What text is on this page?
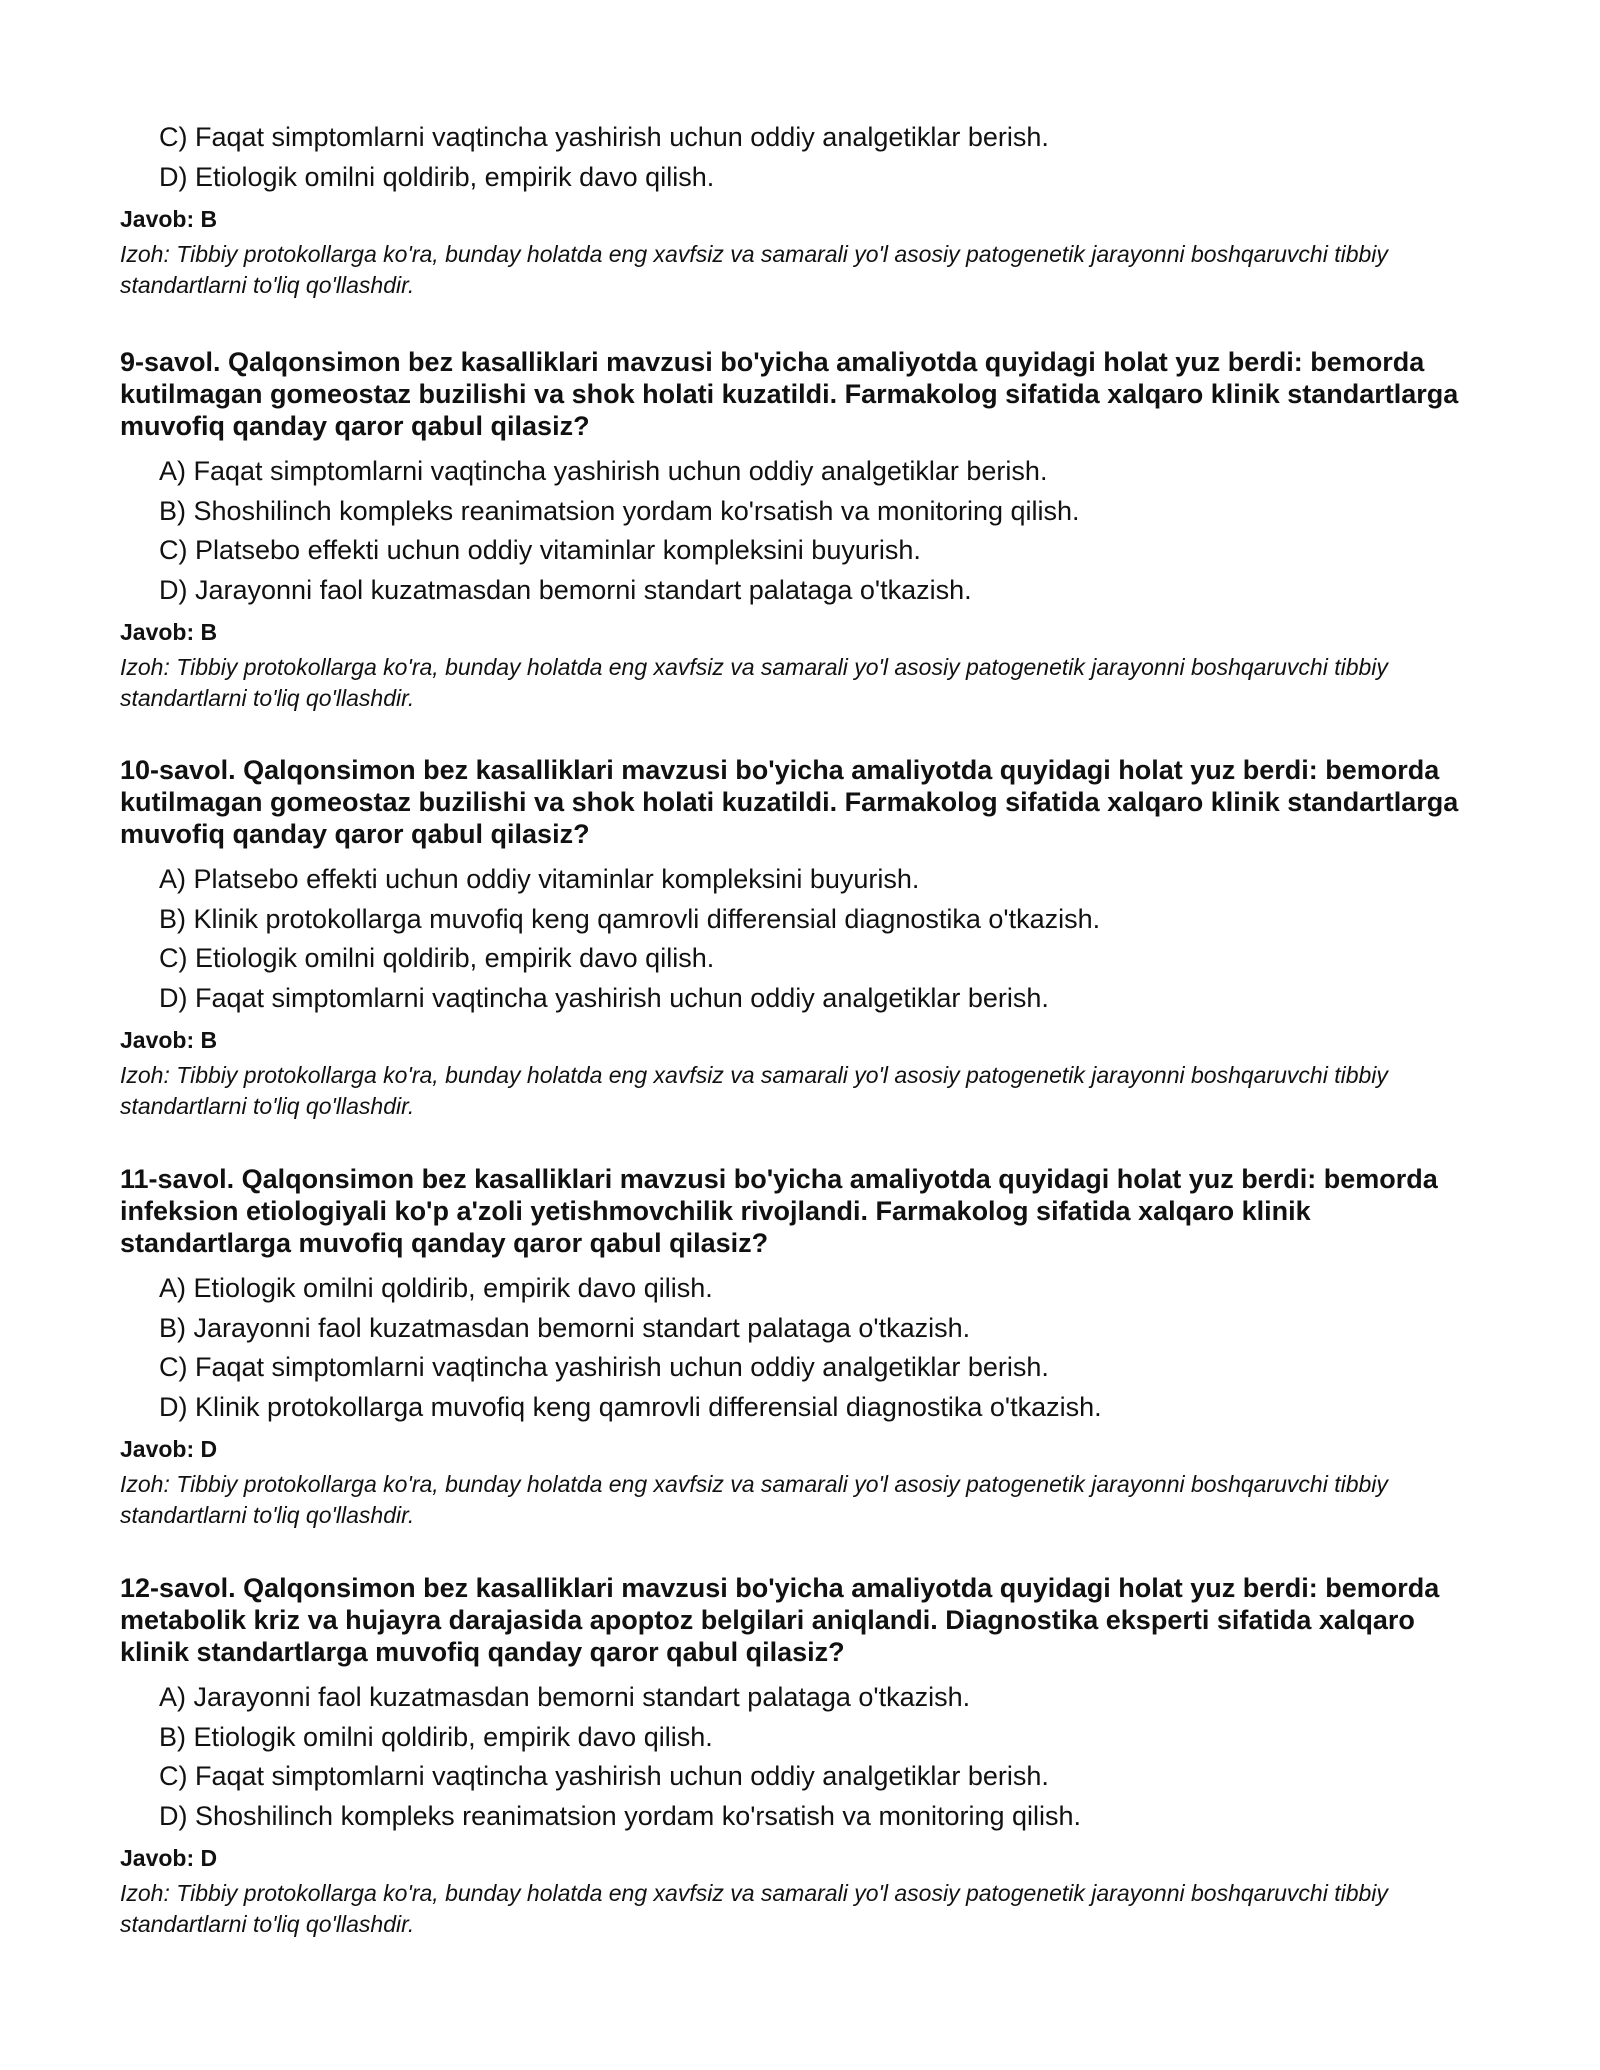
C) Faqat simptomlarni vaqtincha yashirish uchun oddiy analgetiklar berish.
D) Etiologik omilni qoldirib, empirik davo qilish.
Javob: B
Izoh: Tibbiy protokollarga ko'ra, bunday holatda eng xavfsiz va samarali yo'l asosiy patogenetik jarayonni boshqaruvchi tibbiy standartlarni to'liq qo'llashdir.

9-savol. Qalqonsimon bez kasalliklari mavzusi bo'yicha amaliyotda quyidagi holat yuz berdi: bemorda kutilmagan gomeostaz buzilishi va shok holati kuzatildi. Farmakolog sifatida xalqaro klinik standartlarga muvofiq qanday qaror qabul qilasiz?

A) Faqat simptomlarni vaqtincha yashirish uchun oddiy analgetiklar berish.
B) Shoshilinch kompleks reanimatsion yordam ko'rsatish va monitoring qilish.
C) Platsebo effekti uchun oddiy vitaminlar kompleksini buyurish.
D) Jarayonni faol kuzatmasdan bemorni standart palataga o'tkazish.
Javob: B
Izoh: Tibbiy protokollarga ko'ra, bunday holatda eng xavfsiz va samarali yo'l asosiy patogenetik jarayonni boshqaruvchi tibbiy standartlarni to'liq qo'llashdir.

10-savol. Qalqonsimon bez kasalliklari mavzusi bo'yicha amaliyotda quyidagi holat yuz berdi: bemorda kutilmagan gomeostaz buzilishi va shok holati kuzatildi. Farmakolog sifatida xalqaro klinik standartlarga muvofiq qanday qaror qabul qilasiz?

A) Platsebo effekti uchun oddiy vitaminlar kompleksini buyurish.
B) Klinik protokollarga muvofiq keng qamrovli differensial diagnostika o'tkazish.
C) Etiologik omilni qoldirib, empirik davo qilish.
D) Faqat simptomlarni vaqtincha yashirish uchun oddiy analgetiklar berish.
Javob: B
Izoh: Tibbiy protokollarga ko'ra, bunday holatda eng xavfsiz va samarali yo'l asosiy patogenetik jarayonni boshqaruvchi tibbiy standartlarni to'liq qo'llashdir.

11-savol. Qalqonsimon bez kasalliklari mavzusi bo'yicha amaliyotda quyidagi holat yuz berdi: bemorda infeksion etiologiyali ko'p a'zoli yetishmovchilik rivojlandi. Farmakolog sifatida xalqaro klinik standartlarga muvofiq qanday qaror qabul qilasiz?

A) Etiologik omilni qoldirib, empirik davo qilish.
B) Jarayonni faol kuzatmasdan bemorni standart palataga o'tkazish.
C) Faqat simptomlarni vaqtincha yashirish uchun oddiy analgetiklar berish.
D) Klinik protokollarga muvofiq keng qamrovli differensial diagnostika o'tkazish.
Javob: D
Izoh: Tibbiy protokollarga ko'ra, bunday holatda eng xavfsiz va samarali yo'l asosiy patogenetik jarayonni boshqaruvchi tibbiy standartlarni to'liq qo'llashdir.

12-savol. Qalqonsimon bez kasalliklari mavzusi bo'yicha amaliyotda quyidagi holat yuz berdi: bemorda metabolik kriz va hujayra darajasida apoptoz belgilari aniqlandi. Diagnostika eksperti sifatida xalqaro klinik standartlarga muvofiq qanday qaror qabul qilasiz?

A) Jarayonni faol kuzatmasdan bemorni standart palataga o'tkazish.
B) Etiologik omilni qoldirib, empirik davo qilish.
C) Faqat simptomlarni vaqtincha yashirish uchun oddiy analgetiklar berish.
D) Shoshilinch kompleks reanimatsion yordam ko'rsatish va monitoring qilish.
Javob: D
Izoh: Tibbiy protokollarga ko'ra, bunday holatda eng xavfsiz va samarali yo'l asosiy patogenetik jarayonni boshqaruvchi tibbiy standartlarni to'liq qo'llashdir.
